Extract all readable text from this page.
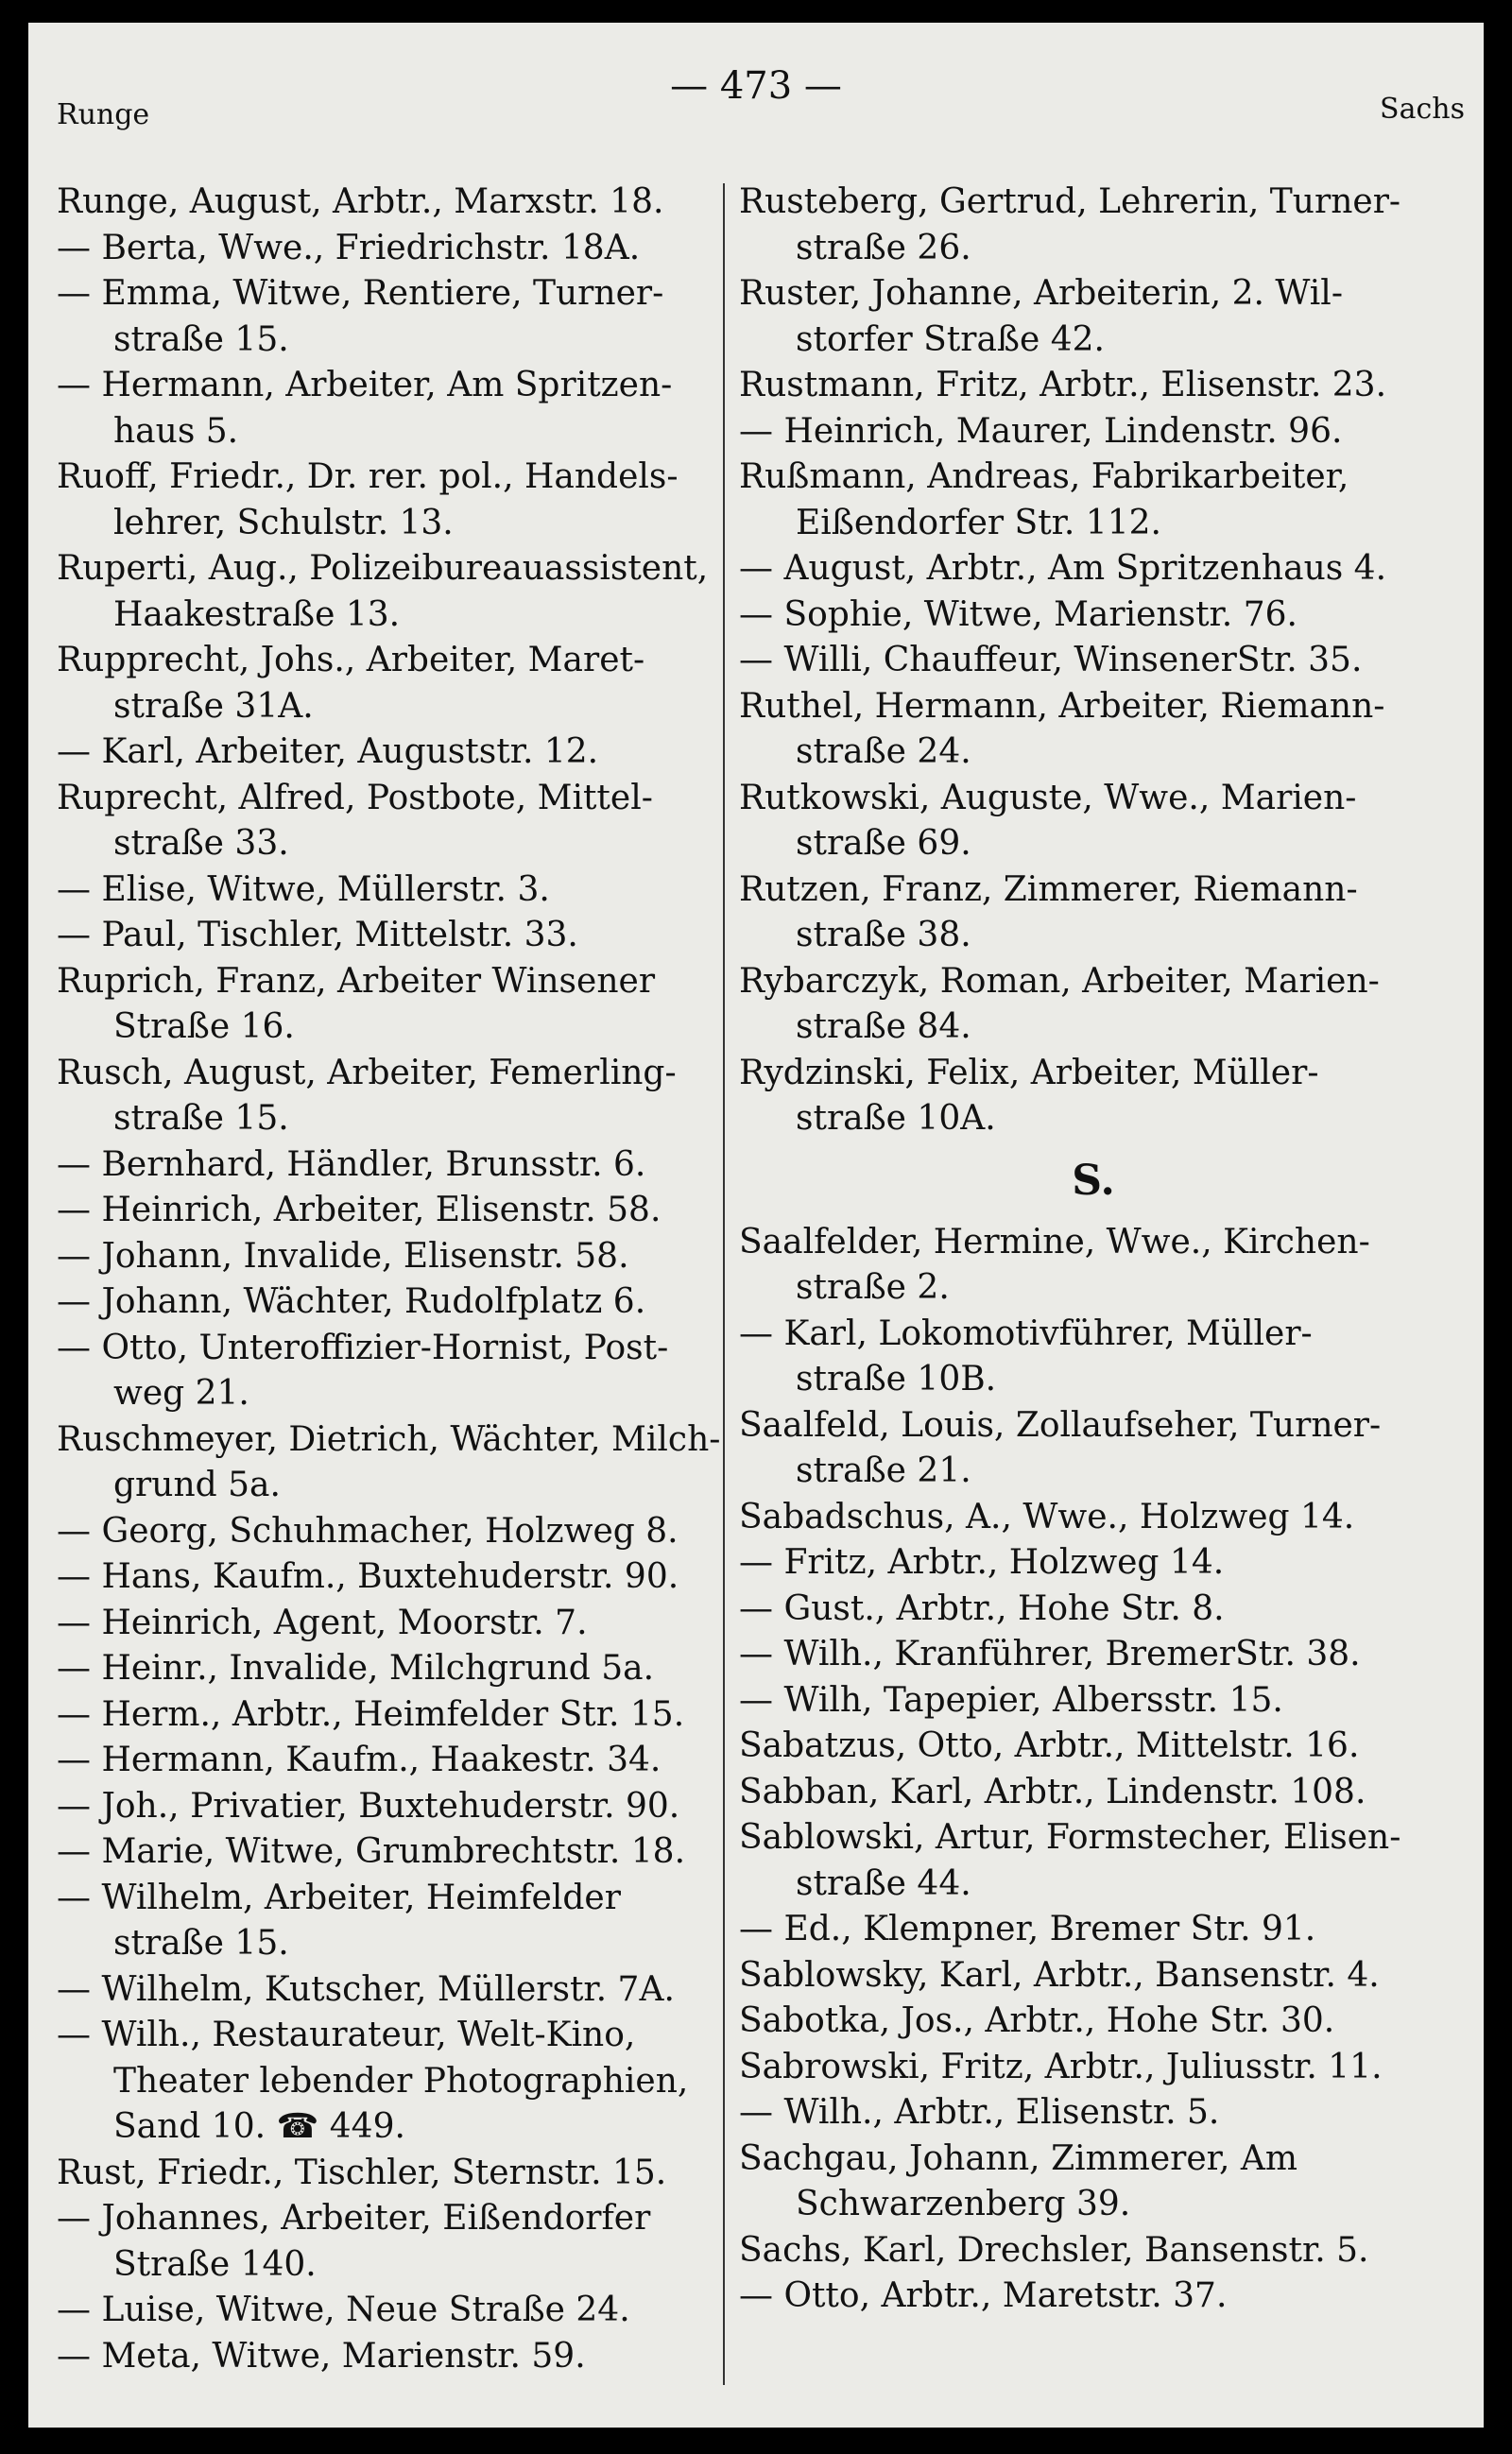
Runge
— 473 —
Sachs
Runge, August, Arbtr., Marxstr. 18.
— Berta, Wwe., Friedrichstr. 18A.
— Emma, Witwe, Rentiere, Turner-
straße 15.
— Hermann, Arbeiter, Am Spritzen-
haus 5.
Ruoff, Friedr., Dr. rer. pol., Handels-
lehrer, Schulstr. 13.
Ruperti, Aug., Polizeibureauassistent,
Haakestraße 13.
Rupprecht, Johs., Arbeiter, Maret-
straße 31A.
— Karl, Arbeiter, Auguststr. 12.
Ruprecht, Alfred, Postbote, Mittel-
straße 33.
— Elise, Witwe, Müllerstr. 3.
— Paul, Tischler, Mittelstr. 33.
Ruprich, Franz, Arbeiter Winsener
Straße 16.
Rusch, August, Arbeiter, Femerling-
straße 15.
— Bernhard, Händler, Brunsstr. 6.
— Heinrich, Arbeiter, Elisenstr. 58.
— Johann, Invalide, Elisenstr. 58.
— Johann, Wächter, Rudolfplatz 6.
— Otto, Unteroffizier-Hornist, Post-
weg 21.
Ruschmeyer, Dietrich, Wächter, Milch-
grund 5a.
— Georg, Schuhmacher, Holzweg 8.
— Hans, Kaufm., Buxtehuderstr. 90.
— Heinrich, Agent, Moorstr. 7.
— Heinr., Invalide, Milchgrund 5a.
— Herm., Arbtr., Heimfelder Str. 15.
— Hermann, Kaufm., Haakestr. 34.
— Joh., Privatier, Buxtehuderstr. 90.
— Marie, Witwe, Grumbrechtstr. 18.
— Wilhelm, Arbeiter, Heimfelder
straße 15.
— Wilhelm, Kutscher, Müllerstr. 7A.
— Wilh., Restaurateur, Welt-Kino,
Theater lebender Photographien,
Sand 10. ☎ 449.
Rust, Friedr., Tischler, Sternstr. 15.
— Johannes, Arbeiter, Eißendorfer
Straße 140.
— Luise, Witwe, Neue Straße 24.
— Meta, Witwe, Marienstr. 59.
Rusteberg, Gertrud, Lehrerin, Turner-
straße 26.
Ruster, Johanne, Arbeiterin, 2. Wil-
storfer Straße 42.
Rustmann, Fritz, Arbtr., Elisenstr. 23.
— Heinrich, Maurer, Lindenstr. 96.
Rußmann, Andreas, Fabrikarbeiter,
Eißendorfer Str. 112.
— August, Arbtr., Am Spritzenhaus 4.
— Sophie, Witwe, Marienstr. 76.
— Willi, Chauffeur, WinsenerStr. 35.
Ruthel, Hermann, Arbeiter, Riemann-
straße 24.
Rutkowski, Auguste, Wwe., Marien-
straße 69.
Rutzen, Franz, Zimmerer, Riemann-
straße 38.
Rybarczyk, Roman, Arbeiter, Marien-
straße 84.
Rydzinski, Felix, Arbeiter, Müller-
straße 10A.
S.
Saalfelder, Hermine, Wwe., Kirchen-
straße 2.
— Karl, Lokomotivführer, Müller-
straße 10B.
Saalfeld, Louis, Zollaufseher, Turner-
straße 21.
Sabadschus, A., Wwe., Holzweg 14.
— Fritz, Arbtr., Holzweg 14.
— Gust., Arbtr., Hohe Str. 8.
— Wilh., Kranführer, BremerStr. 38.
— Wilh, Tapepier, Albersstr. 15.
Sabatzus, Otto, Arbtr., Mittelstr. 16.
Sabban, Karl, Arbtr., Lindenstr. 108.
Sablowski, Artur, Formstecher, Elisen-
straße 44.
— Ed., Klempner, Bremer Str. 91.
Sablowsky, Karl, Arbtr., Bansenstr. 4.
Sabotka, Jos., Arbtr., Hohe Str. 30.
Sabrowski, Fritz, Arbtr., Juliusstr. 11.
— Wilh., Arbtr., Elisenstr. 5.
Sachgau, Johann, Zimmerer, Am
Schwarzenberg 39.
Sachs, Karl, Drechsler, Bansenstr. 5.
— Otto, Arbtr., Maretstr. 37.
